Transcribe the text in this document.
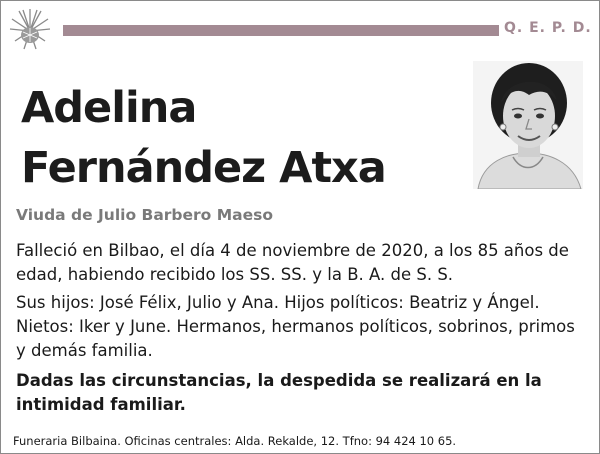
Q. E. P. D.
Adelina
Fernández Atxa
Viuda de Julio Barbero Maeso

Falleció en Bilbao, el día 4 de noviembre de 2020, a los 85 años de edad, habiendo recibido los SS. SS. y la B. A. de S. S.

Sus hijos: José Félix, Julio y Ana. Hijos políticos: Beatriz y Ángel. Nietos: Iker y June. Hermanos, hermanos políticos, sobrinos, primos y demás familia.

Dadas las circunstancias, la despedida se realizará en la intimidad familiar.

Funeraria Bilbaina. Oficinas centrales: Alda. Rekalde, 12. Tfno: 94 424 10 65.
